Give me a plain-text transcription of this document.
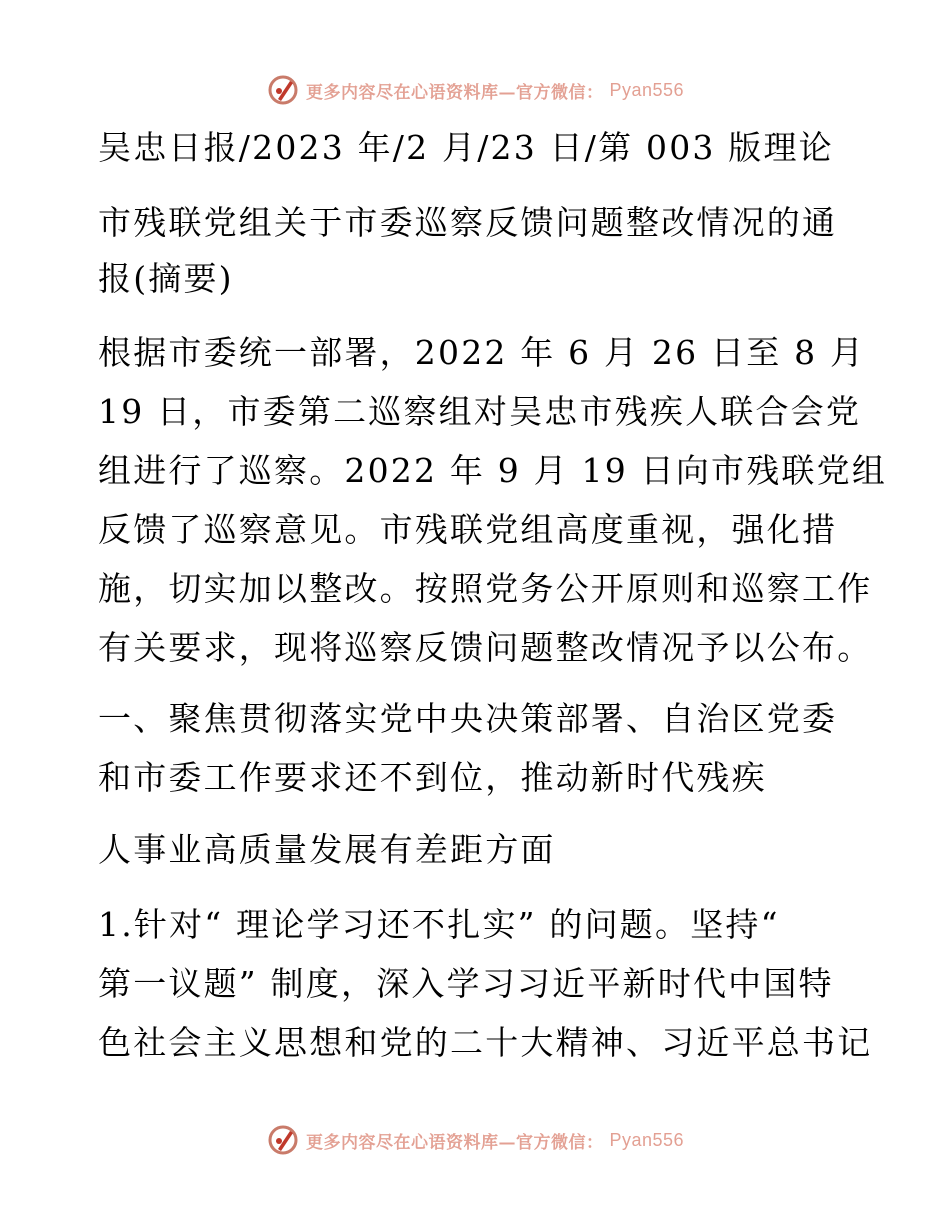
更多内容尽在心语资料库—官方微信： Pyan556
吴忠日报/2023 年/2 月/23 日/第 003 版理论
市残联党组关于市委巡察反馈问题整改情况的通
报(摘要)
根据市委统一部署，2022 年 6 月 26 日至 8 月
19 日，市委第二巡察组对吴忠市残疾人联合会党
组进行了巡察。2022 年 9 月 19 日向市残联党组
反馈了巡察意见。市残联党组高度重视，强化措
施，切实加以整改。按照党务公开原则和巡察工作
有关要求，现将巡察反馈问题整改情况予以公布。
一、聚焦贯彻落实党中央决策部署、自治区党委
和市委工作要求还不到位，推动新时代残疾
人事业高质量发展有差距方面
1.针对“ 理论学习还不扎实” 的问题。坚持“
第一议题” 制度，深入学习习近平新时代中国特
色社会主义思想和党的二十大精神、习近平总书记
更多内容尽在心语资料库—官方微信： Pyan556
